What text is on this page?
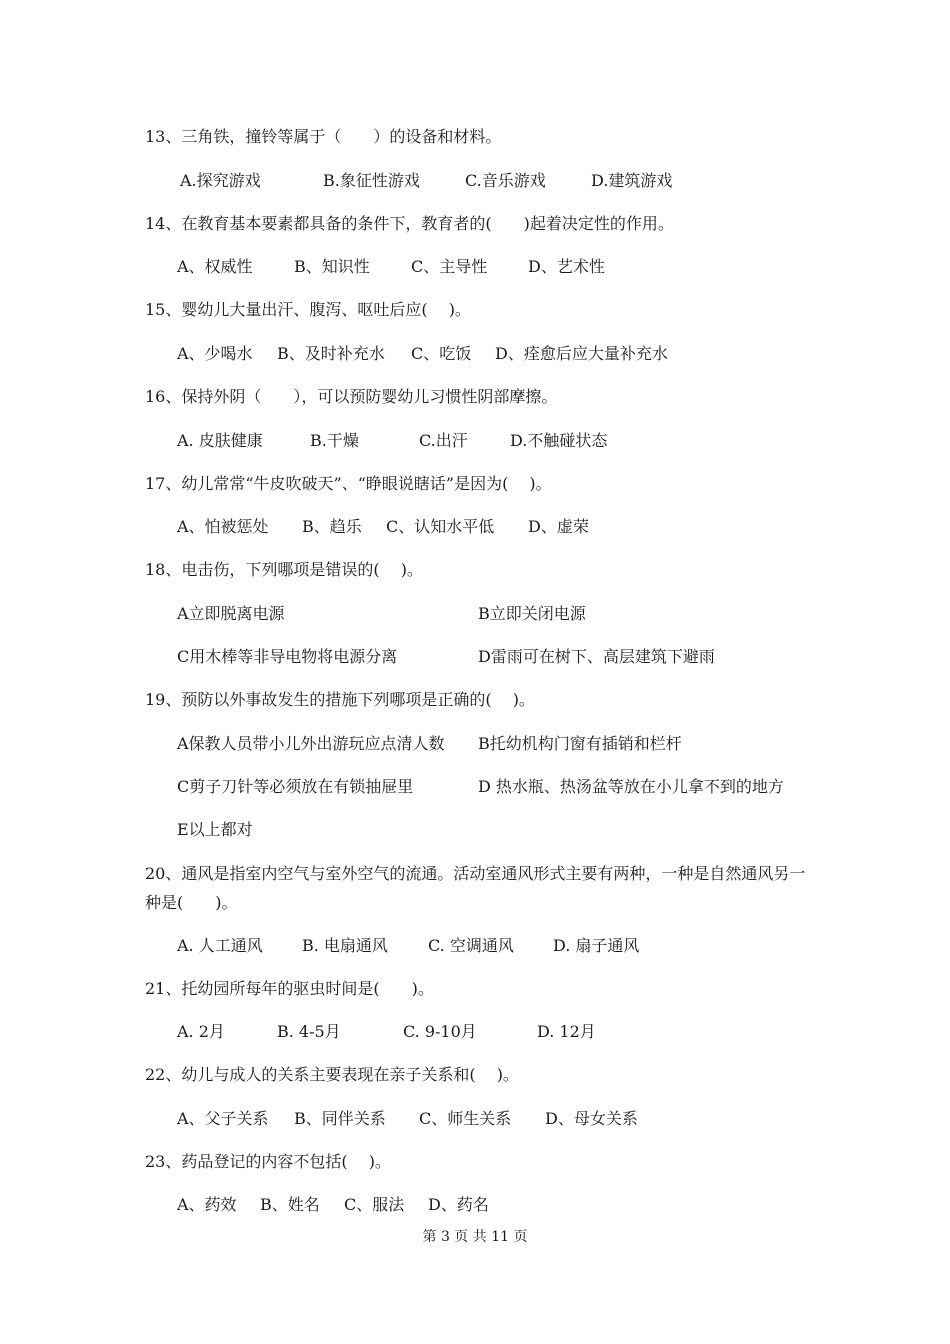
13、三角铁，撞铃等属于（　　）的设备和材料。
A.探究游戏	B.象征性游戏	C.音乐游戏	D.建筑游戏
14、在教育基本要素都具备的条件下，教育者的(　　)起着决定性的作用。
A、权威性	B、知识性	C、主导性	D、艺术性
15、婴幼儿大量出汗、腹泻、呕吐后应(　 )。
A、少喝水 B、及时补充水 C、吃饭 D、痊愈后应大量补充水
16、保持外阴（　　），可以预防婴幼儿习惯性阴部摩擦。
A. 皮肤健康	B.干燥	C.出汗	D.不触碰状态
17、幼儿常常“牛皮吹破天”、“睁眼说瞎话”是因为(　 )。
A、怕被惩处 B、趋乐 C、认知水平低 D、虚荣
18、电击伤，下列哪项是错误的(　 )。
A立即脱离电源	B立即关闭电源
C用木棒等非导电物将电源分离	D雷雨可在树下、高层建筑下避雨
19、预防以外事故发生的措施下列哪项是正确的(　 )。
A保教人员带小儿外出游玩应点清人数 B托幼机构门窗有插销和栏杆
C剪子刀针等必须放在有锁抽屉里	D 热水瓶、热汤盆等放在小儿拿不到的地方
E以上都对
20、通风是指室内空气与室外空气的流通。活动室通风形式主要有两种，一种是自然通风另一种是(　　)。
A. 人工通风 B. 电扇通风	C. 空调通风 D. 扇子通风
21、托幼园所每年的驱虫时间是(　　)。
A. 2月	B. 4-5月	C. 9-10月	D. 12月
22、幼儿与成人的关系主要表现在亲子关系和(　 )。
A、父子关系 B、同伴关系 C、师生关系 D、母女关系
23、药品登记的内容不包括(　 )。
A、药效 B、姓名 C、服法 D、药名
第 3 页 共 11 页
